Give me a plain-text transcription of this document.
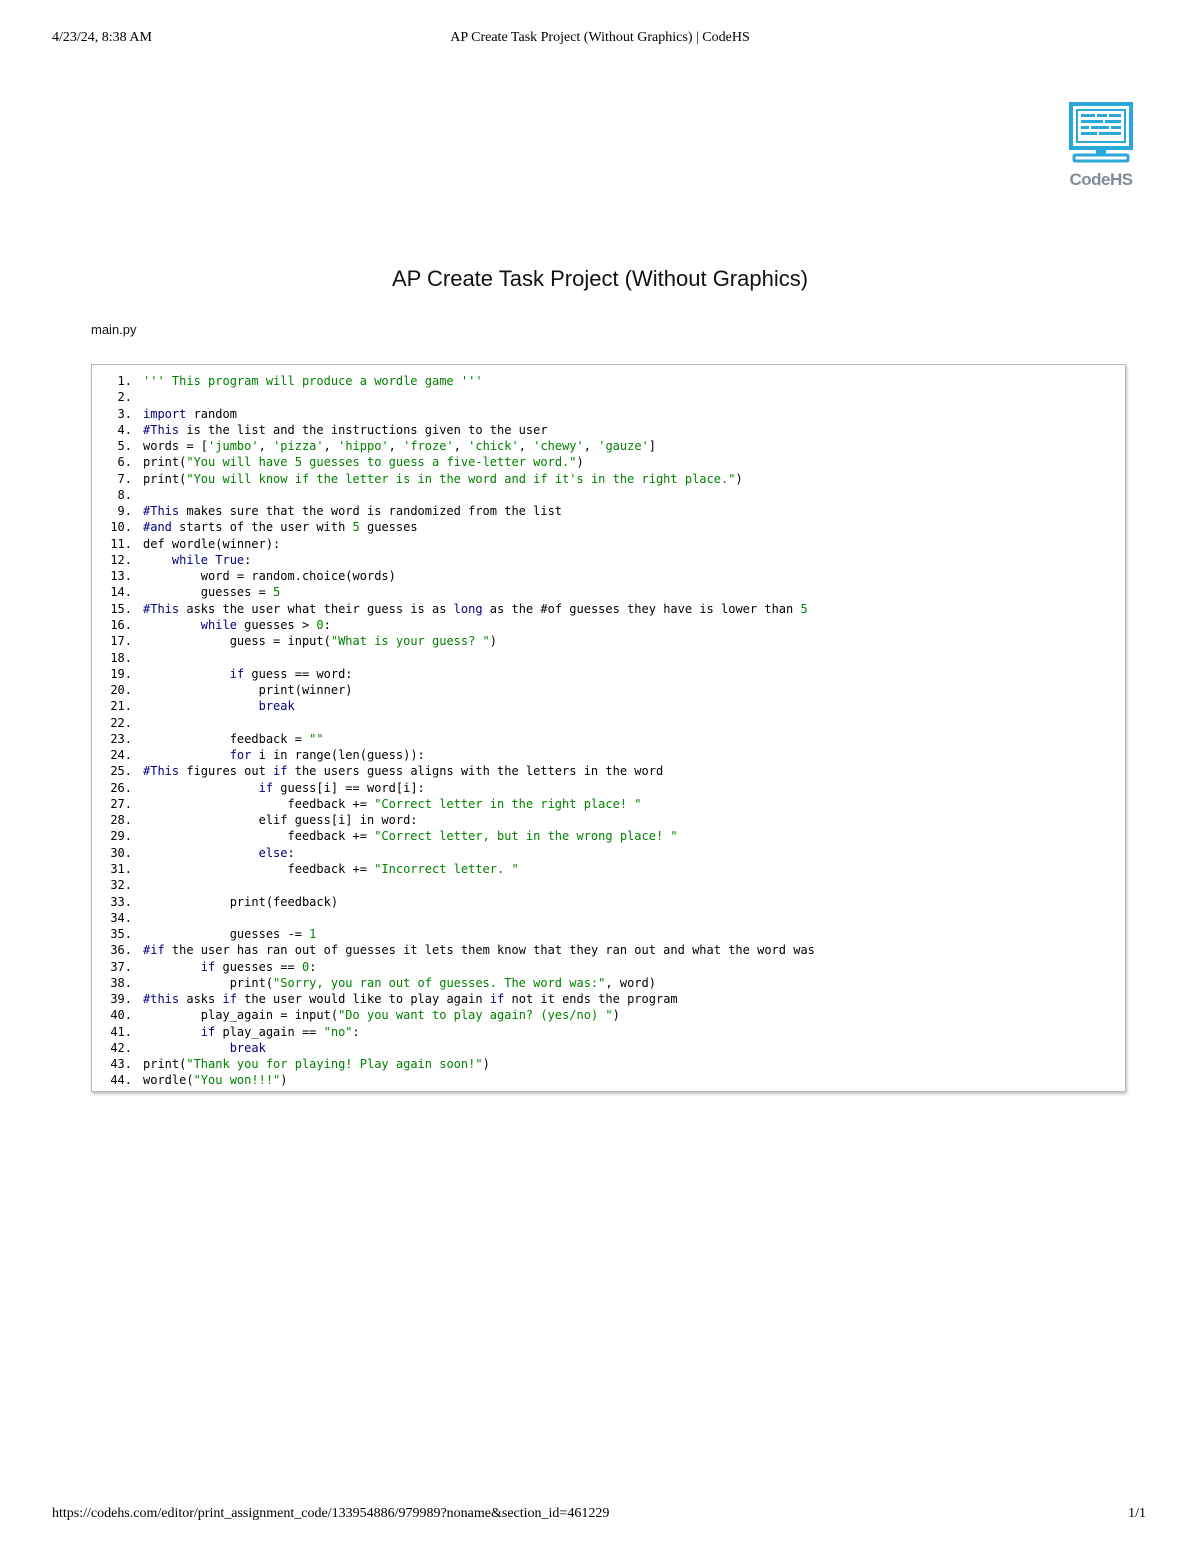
4/23/24, 8:38 AM	AP Create Task Project (Without Graphics) | CodeHS
CodeHS
AP Create Task Project (Without Graphics)
main.py
1. ''' This program will produce a wordle game '''
2.
3. import random
4. #This is the list and the instructions given to the user
5. words = ['jumbo', 'pizza', 'hippo', 'froze', 'chick', 'chewy', 'gauze']
6. print("You will have 5 guesses to guess a five-letter word.")
7. print("You will know if the letter is in the word and if it's in the right place.")
8.
9. #This makes sure that the word is randomized from the list
10. #and starts of the user with 5 guesses
11. def wordle(winner):
12.	while True:
13. word = random.choice(words)
14. guesses = 5
15. #This asks the user what their guess is as long as the #of guesses they have is lower than 5
16.	while guesses > 0:
17. guess = input("What is your guess? ")
18.
19.	if guess == word:
20. print(winner)
21.	break
22.
23. feedback = ""
24.	for i in range(len(guess)):
25. #This figures out if the users guess aligns with the letters in the word
26.	if guess[i] == word[i]:
27. feedback += "Correct letter in the right place! "
28. elif guess[i] in word:
29. feedback += "Correct letter, but in the wrong place! "
30.	else:
31. feedback += "Incorrect letter. "
32.
33. print(feedback)
34.
35. guesses -= 1
36. #if the user has ran out of guesses it lets them know that they ran out and what the word was
37.	if guesses == 0:
38. print("Sorry, you ran out of guesses. The word was:", word)
39. #this asks if the user would like to play again if not it ends the program
40. play_again = input("Do you want to play again? (yes/no) ")
41.	if play_again == "no":
42.	break
43. print("Thank you for playing! Play again soon!")
44. wordle("You won!!!")
https://codehs.com/editor/print_assignment_code/133954886/979989?noname&section_id=461229	1/1
